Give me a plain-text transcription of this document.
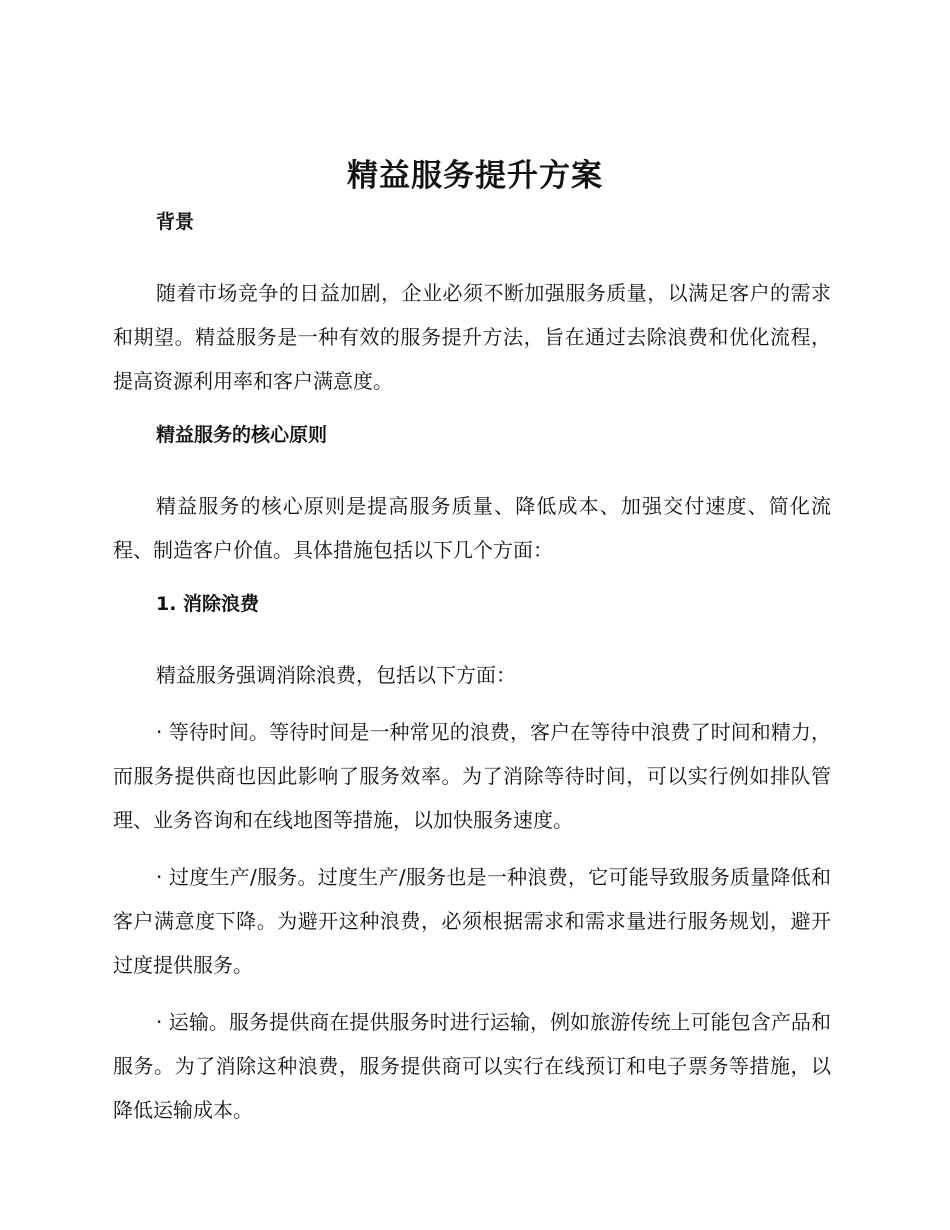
精益服务提升方案
背景

随着市场竞争的日益加剧，企业必须不断加强服务质量，以满足客户的需求和期望。精益服务是一种有效的服务提升方法，旨在通过去除浪费和优化流程，提高资源利用率和客户满意度。

精益服务的核心原则

精益服务的核心原则是提高服务质量、降低成本、加强交付速度、简化流程、制造客户价值。具体措施包括以下几个方面：

1. 消除浪费

精益服务强调消除浪费，包括以下方面：

· 等待时间。等待时间是一种常见的浪费，客户在等待中浪费了时间和精力，而服务提供商也因此影响了服务效率。为了消除等待时间，可以实行例如排队管理、业务咨询和在线地图等措施，以加快服务速度。

· 过度生产/服务。过度生产/服务也是一种浪费，它可能导致服务质量降低和客户满意度下降。为避开这种浪费，必须根据需求和需求量进行服务规划，避开过度提供服务。

· 运输。服务提供商在提供服务时进行运输，例如旅游传统上可能包含产品和服务。为了消除这种浪费，服务提供商可以实行在线预订和电子票务等措施，以降低运输成本。
